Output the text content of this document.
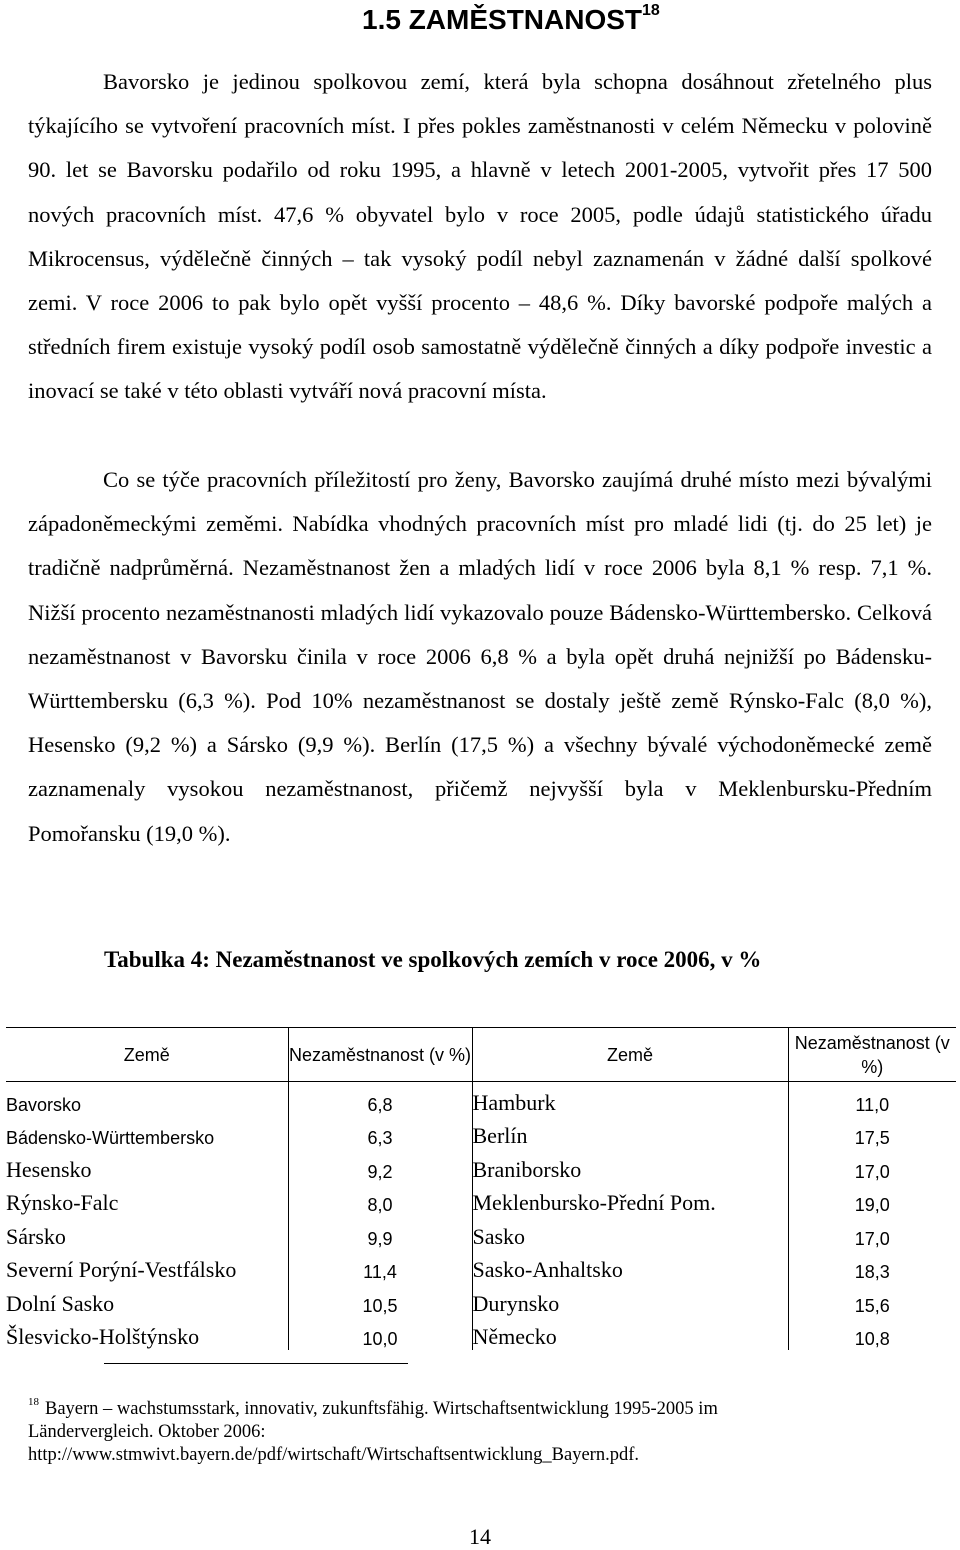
1.5 ZAMĚSTNANOST$^{18}$

Bavorsko je jedinou spolkovou zemí, která byla schopna dosáhnout zřetelného plus týkajícího se vytvoření pracovních míst. I přes pokles zaměstnanosti v celém Německu v polovině 90. let se Bavorsku podařilo od roku 1995, a hlavně v letech 2001-2005, vytvořit přes 17 500 nových pracovních míst. 47,6 % obyvatel bylo v roce 2005, podle údajů statistického úřadu Mikrocensus, výdělečně činných – tak vysoký podíl nebyl zaznamenán v žádné další spolkové zemi. V roce 2006 to pak bylo opět vyšší procento – 48,6 %. Díky bavorské podpoře malých a středních firem existuje vysoký podíl osob samostatně výdělečně činných a díky podpoře investic a inovací se také v této oblasti vytváří nová pracovní místa.

Co se týče pracovních příležitostí pro ženy, Bavorsko zaujímá druhé místo mezi bývalými západoněmeckými zeměmi. Nabídka vhodných pracovních míst pro mladé lidi (tj. do 25 let) je tradičně nadprůměrná. Nezaměstnanost žen a mladých lidí v roce 2006 byla 8,1 % resp. 7,1 %. Nižší procento nezaměstnanosti mladých lidí vykazovalo pouze Bádensko-Württembersko. Celková nezaměstnanost v Bavorsku činila v roce 2006 6,8 % a byla opět druhá nejnižší po Bádensku-Württembersku (6,3 %). Pod 10% nezaměstnanost se dostaly ještě země Rýnsko-Falc (8,0 %), Hesensko (9,2 %) a Sársko (9,9 %). Berlín (17,5 %) a všechny bývalé východoněmecké země zaznamenaly vysokou nezaměstnanost, přičemž nejvyšší byla v Meklenbursku-Předním Pomořansku (19,0 %).

Tabulka 4: Nezaměstnanost ve spolkových zemích v roce 2006, v %
Země	Nezaměstnanost (v %)	Země	Nezaměstnanost (v %)
Bavorsko	6,8	Hamburk	11,0
Bádensko-Württembersko	6,3	Berlín	17,5
Hesensko	9,2	Braniborsko	17,0
Rýnsko-Falc	8,0	Meklenbursko-Přední Pom.	19,0
Sársko	9,9	Sasko	17,0
Severní Porýní-Vestfálsko	11,4	Sasko-Anhaltsko	18,3
Dolní Sasko	10,5	Durynsko	15,6
Šlesvicko-Holštýnsko	10,0	Německo	10,8
$^{18}$ Bayern – wachstumsstark, innovativ, zukunftsfähig. Wirtschaftsentwicklung 1995-2005 im
Ländervergleich. Oktober 2006:
http://www.stmwivt.bayern.de/pdf/wirtschaft/Wirtschaftsentwicklung_Bayern.pdf.
14
